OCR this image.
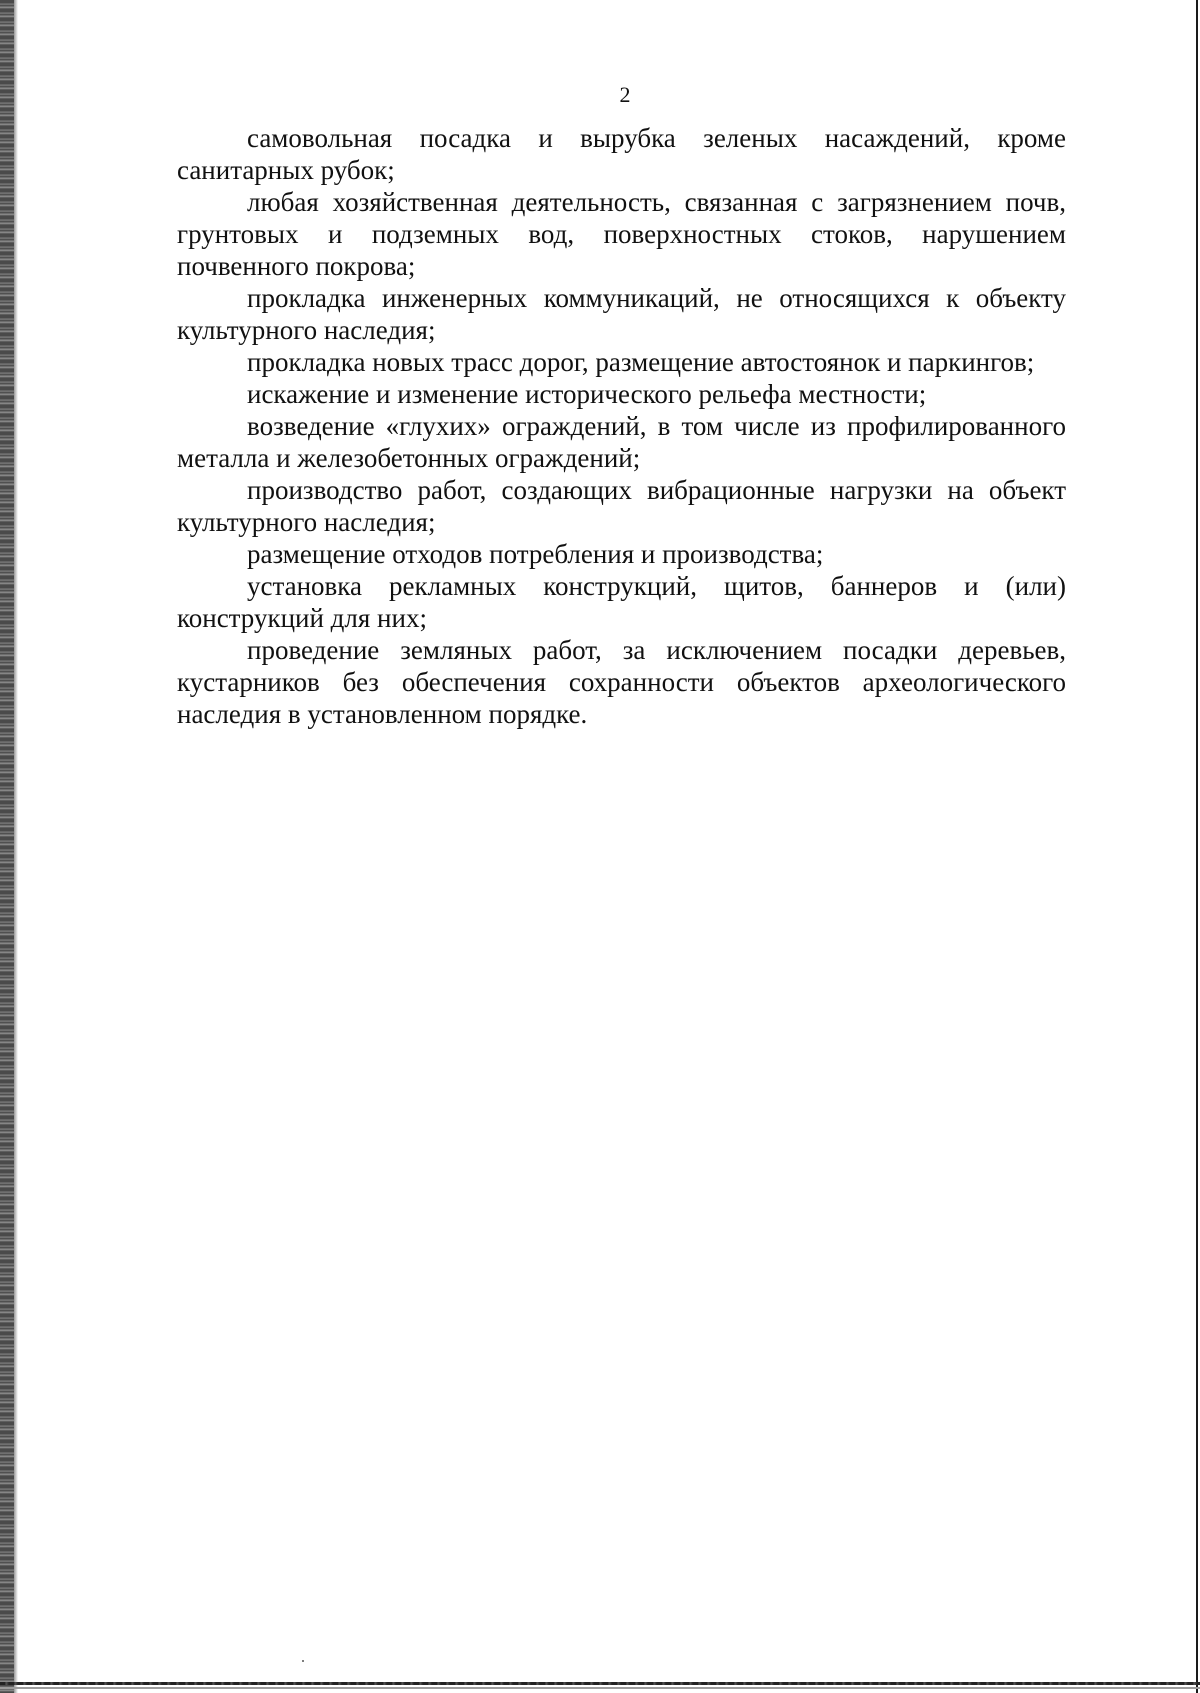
2

самовольная посадка и вырубка зеленых насаждений, кроме санитарных рубок;

любая хозяйственная деятельность, связанная с загрязнением почв, грунтовых и подземных вод, поверхностных стоков, нарушением почвенного покрова;

прокладка инженерных коммуникаций, не относящихся к объекту культурного наследия;

прокладка новых трасс дорог, размещение автостоянок и паркингов;

искажение и изменение исторического рельефа местности;

возведение «глухих» ограждений, в том числе из профилированного металла и железобетонных ограждений;

производство работ, создающих вибрационные нагрузки на объект культурного наследия;

размещение отходов потребления и производства;

установка рекламных конструкций, щитов, баннеров и (или) конструкций для них;

проведение земляных работ, за исключением посадки деревьев, кустарников без обеспечения сохранности объектов археологического наследия в установленном порядке.
